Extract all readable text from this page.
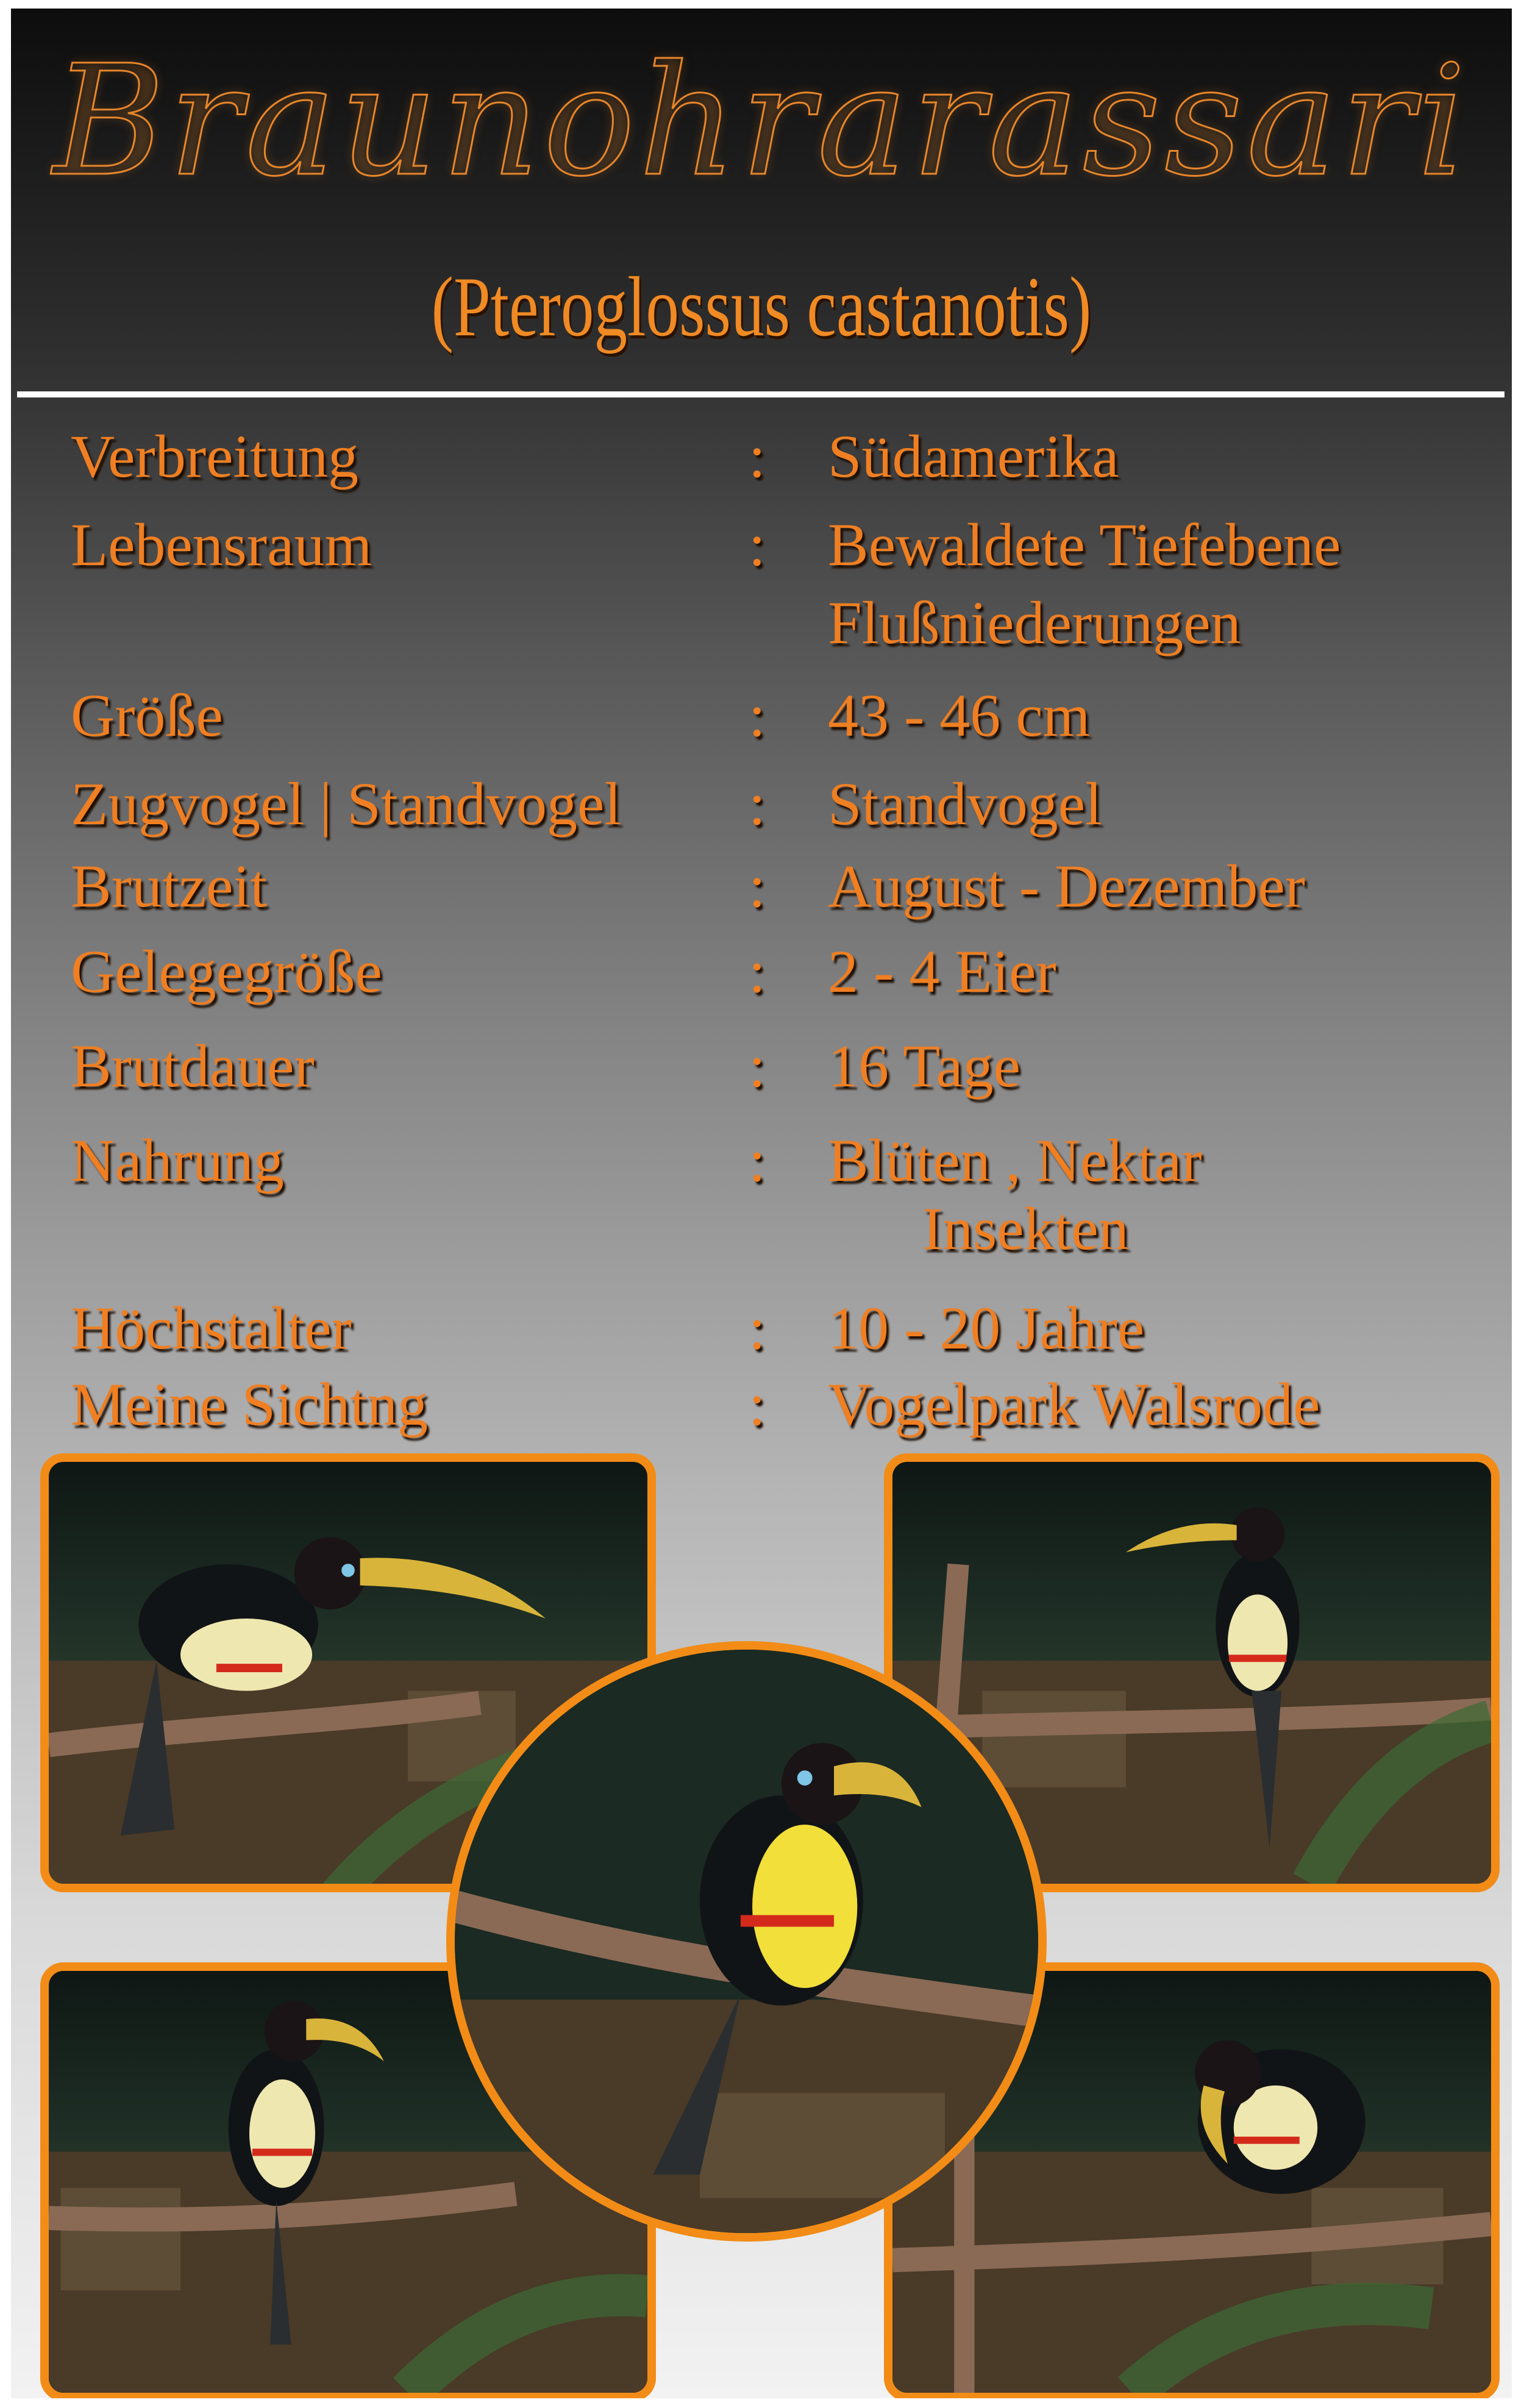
Braunohrarassari
(Pteroglossus castanotis)
Verbreitung	: Südamerika
Lebensraum	: Bewaldete Tiefebene
Flußniederungen
Größe	: 43 - 46 cm
Zugvogel | Standvogel : Standvogel
Brutzeit	: August - Dezember
Gelegegröße	: 2 - 4 Eier
Brutdauer	: 16 Tage
Nahrung	: Blüten , Nektar
Insekten
Höchstalter	: 10 - 20 Jahre
Meine Sichtng	: Vogelpark Walsrode
